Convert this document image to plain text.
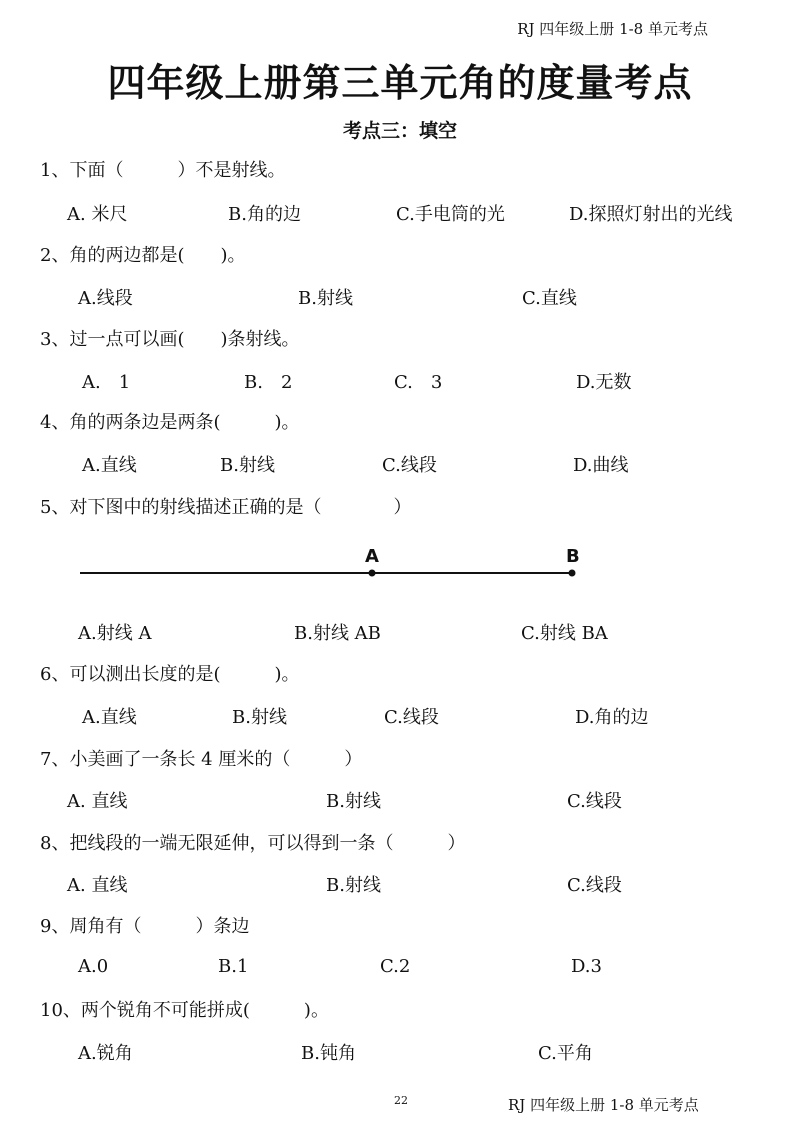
RJ 四年级上册 1-8 单元考点
四年级上册第三单元角的度量考点
考点三：填空
1、下面（　　　）不是射线。
A. 米尺	B.角的边	C.手电筒的光	D.探照灯射出的光线
2、角的两边都是(　　)。
A.线段	B.射线	C.直线
3、过一点可以画(　　)条射线。
A.　1	B.　2	C.　3	D.无数
4、角的两条边是两条(　　　)。
A.直线	B.射线	C.线段	D.曲线
5、对下图中的射线描述正确的是（　　　　）
A	B
A.射线 A	B.射线 AB	C.射线 BA
6、可以测出长度的是(　　　)。
A.直线	B.射线	C.线段	D.角的边
7、小美画了一条长 4 厘米的（　　　）
A. 直线	B.射线	C.线段
8、把线段的一端无限延伸，可以得到一条（　　　）
A. 直线	B.射线	C.线段
9、周角有（　　　）条边
A.0	B.1	C.2	D.3
10、两个锐角不可能拼成(　　　)。
A.锐角	B.钝角	C.平角
22	RJ 四年级上册 1-8 单元考点
